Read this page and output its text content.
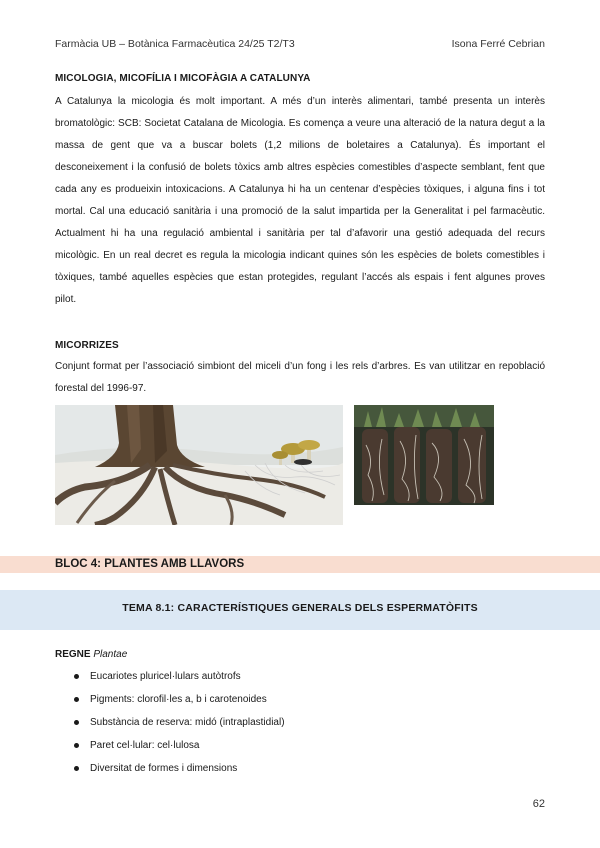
Farmàcia UB – Botànica Farmacèutica 24/25 T2/T3	Isona Ferré Cebrian
MICOLOGIA, MICOFÍLIA I MICOFÀGIA A CATALUNYA

A Catalunya la micologia és molt important. A més d’un interès alimentari, també presenta un interès bromatològic: SCB: Societat Catalana de Micologia. Es comença a veure una alteració de la natura degut a la massa de gent que va a buscar bolets (1,2 milions de boletaires a Catalunya). És important el desconeixement i la confusió de bolets tòxics amb altres espècies comestibles d’aspecte semblant, fent que cada any es produeixin intoxicacions. A Catalunya hi ha un centenar d’espècies tòxiques, i alguna fins i tot mortal. Cal una educació sanitària i una promoció de la salut impartida per la Generalitat i pel farmacèutic. Actualment hi ha una regulació ambiental i sanitària per tal d’afavorir una gestió adequada del recurs micològic. En un real decret es regula la micologia indicant quines són les espècies de bolets comestibles i tòxiques, també aquelles espècies que estan protegides, regulant l’accés als espais i fent algunes proves pilot.

MICORRIZES

Conjunt format per l’associació simbiont del miceli d’un fong i les rels d’arbres. Es van utilitzar en repoblació forestal del 1996-97.

BLOC 4: PLANTES AMB LLAVORS
TEMA 8.1: CARACTERÍSTIQUES GENERALS DELS ESPERMATÒFITS
REGNE Plantae
Eucariotes pluricel·lulars autòtrofs
Pigments: clorofil·les a, b i carotenoides
Substància de reserva: midó (intraplastidial)
Paret cel·lular: cel·lulosa
Diversitat de formes i dimensions
62
